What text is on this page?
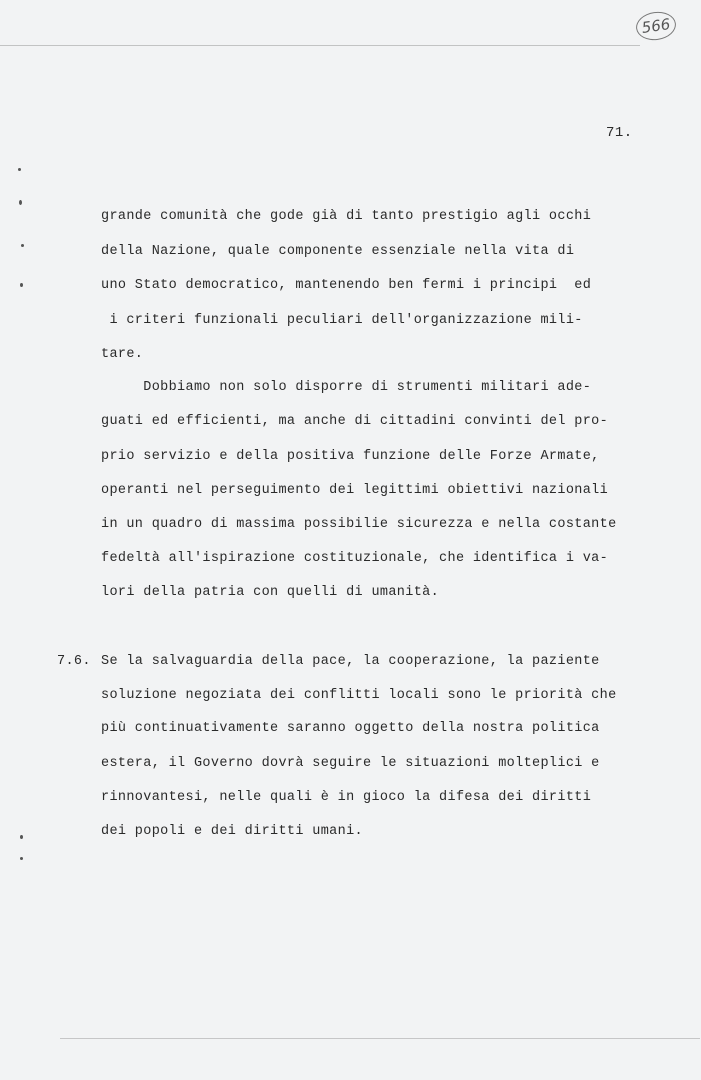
566
71.
grande comunità che gode già di tanto prestigio agli occhi
della Nazione, quale componente essenziale nella vita di
uno Stato democratico, mantenendo ben fermi i principi  ed
i criteri funzionali peculiari dell'organizzazione mili-
tare.
Dobbiamo non solo disporre di strumenti militari ade-
guati ed efficienti, ma anche di cittadini convinti del pro-
prio servizio e della positiva funzione delle Forze Armate,
operanti nel perseguimento dei legittimi obiettivi nazionali
in un quadro di massima possibilie sicurezza e nella costante
fedeltà all'ispirazione costituzionale, che identifica i va-
lori della patria con quelli di umanità.
7.6. Se la salvaguardia della pace, la cooperazione, la paziente
soluzione negoziata dei conflitti locali sono le priorità che
più continuativamente saranno oggetto della nostra politica
estera, il Governo dovrà seguire le situazioni molteplici e
rinnovantesi, nelle quali è in gioco la difesa dei diritti
dei popoli e dei diritti umani.
